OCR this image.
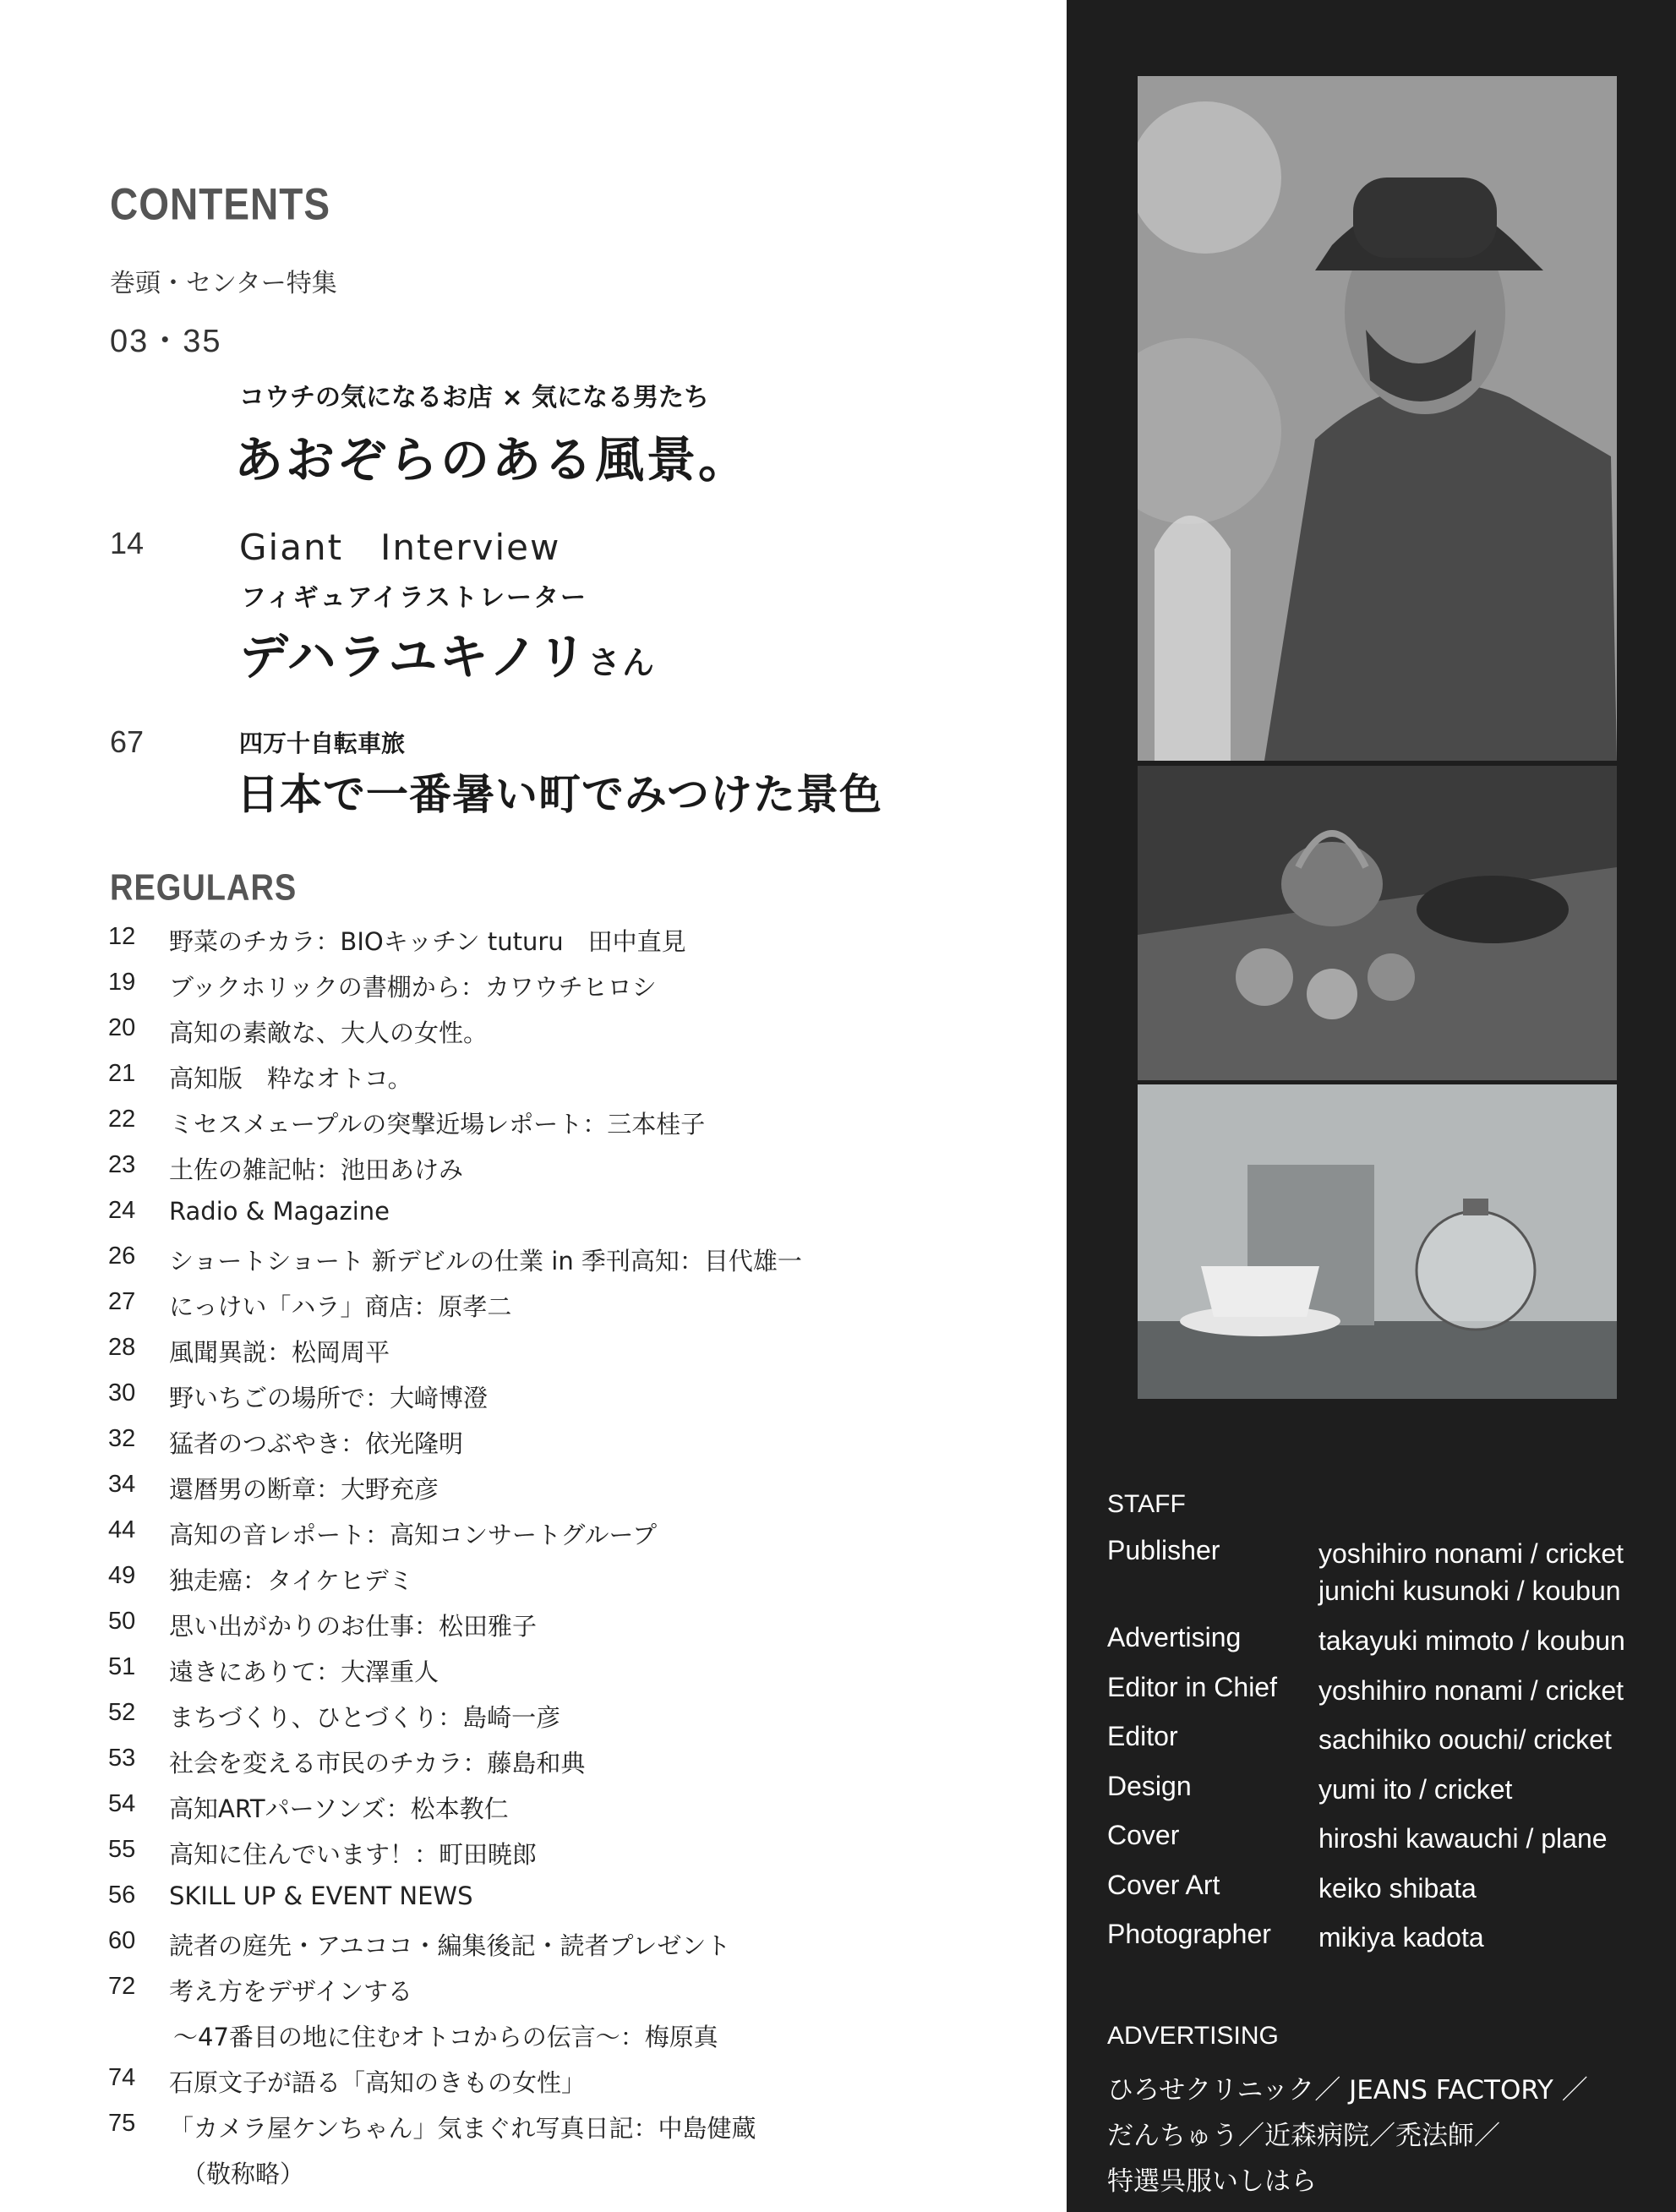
CONTENTS
巻頭・センター特集
03・35
コウチの気になるお店 × 気になる男たち
あおぞらのある風景。
14	Giant　Interview
フィギュアイラストレーター
デハラユキノリさん
67	四万十自転車旅
日本で一番暑い町でみつけた景色
REGULARS
12	野菜のチカラ：BIOキッチン tuturu　田中直見
19	ブックホリックの書棚から：カワウチヒロシ
20	高知の素敵な、大人の女性。
21	高知版　粋なオトコ。
22	ミセスメェープルの突撃近場レポート：三本桂子
23	土佐の雑記帖：池田あけみ
24	Radio & Magazine
26	ショートショート 新デビルの仕業 in 季刊高知：目代雄一
27	にっけい「ハラ」商店：原孝二
28	風聞異説：松岡周平
30	野いちごの場所で：大﨑博澄
32	猛者のつぶやき：依光隆明
34	還暦男の断章：大野充彦
44	高知の音レポート：高知コンサートグループ
49	独走癌：タイケヒデミ
50	思い出がかりのお仕事：松田雅子
51	遠きにありて：大澤重人
52	まちづくり、ひとづくり：島崎一彦
53	社会を変える市民のチカラ：藤島和典
54	高知ARTパーソンズ：松本教仁
55	高知に住んでいます！：町田暁郎
56	SKILL UP & EVENT NEWS
60	読者の庭先・アユココ・編集後記・読者プレゼント
72	考え方をデザインする
〜47番目の地に住むオトコからの伝言〜：梅原真
74	石原文子が語る「高知のきもの女性」
75	「カメラ屋ケンちゃん」気まぐれ写真日記：中島健蔵
（敬称略）
STAFF
Publisher	yoshihiro nonami / cricket
junichi kusunoki / koubun
Advertising	takayuki mimoto / koubun
Editor in Chief yoshihiro nonami / cricket
Editor	sachihiko oouchi/ cricket
Design	yumi ito / cricket
Cover	hiroshi kawauchi / plane
Cover Art	keiko shibata
Photographer mikiya kadota
ADVERTISING
ひろせクリニック／ JEANS FACTORY ／
だんちゅう／近森病院／禿法師／
特選呉服いしはら
